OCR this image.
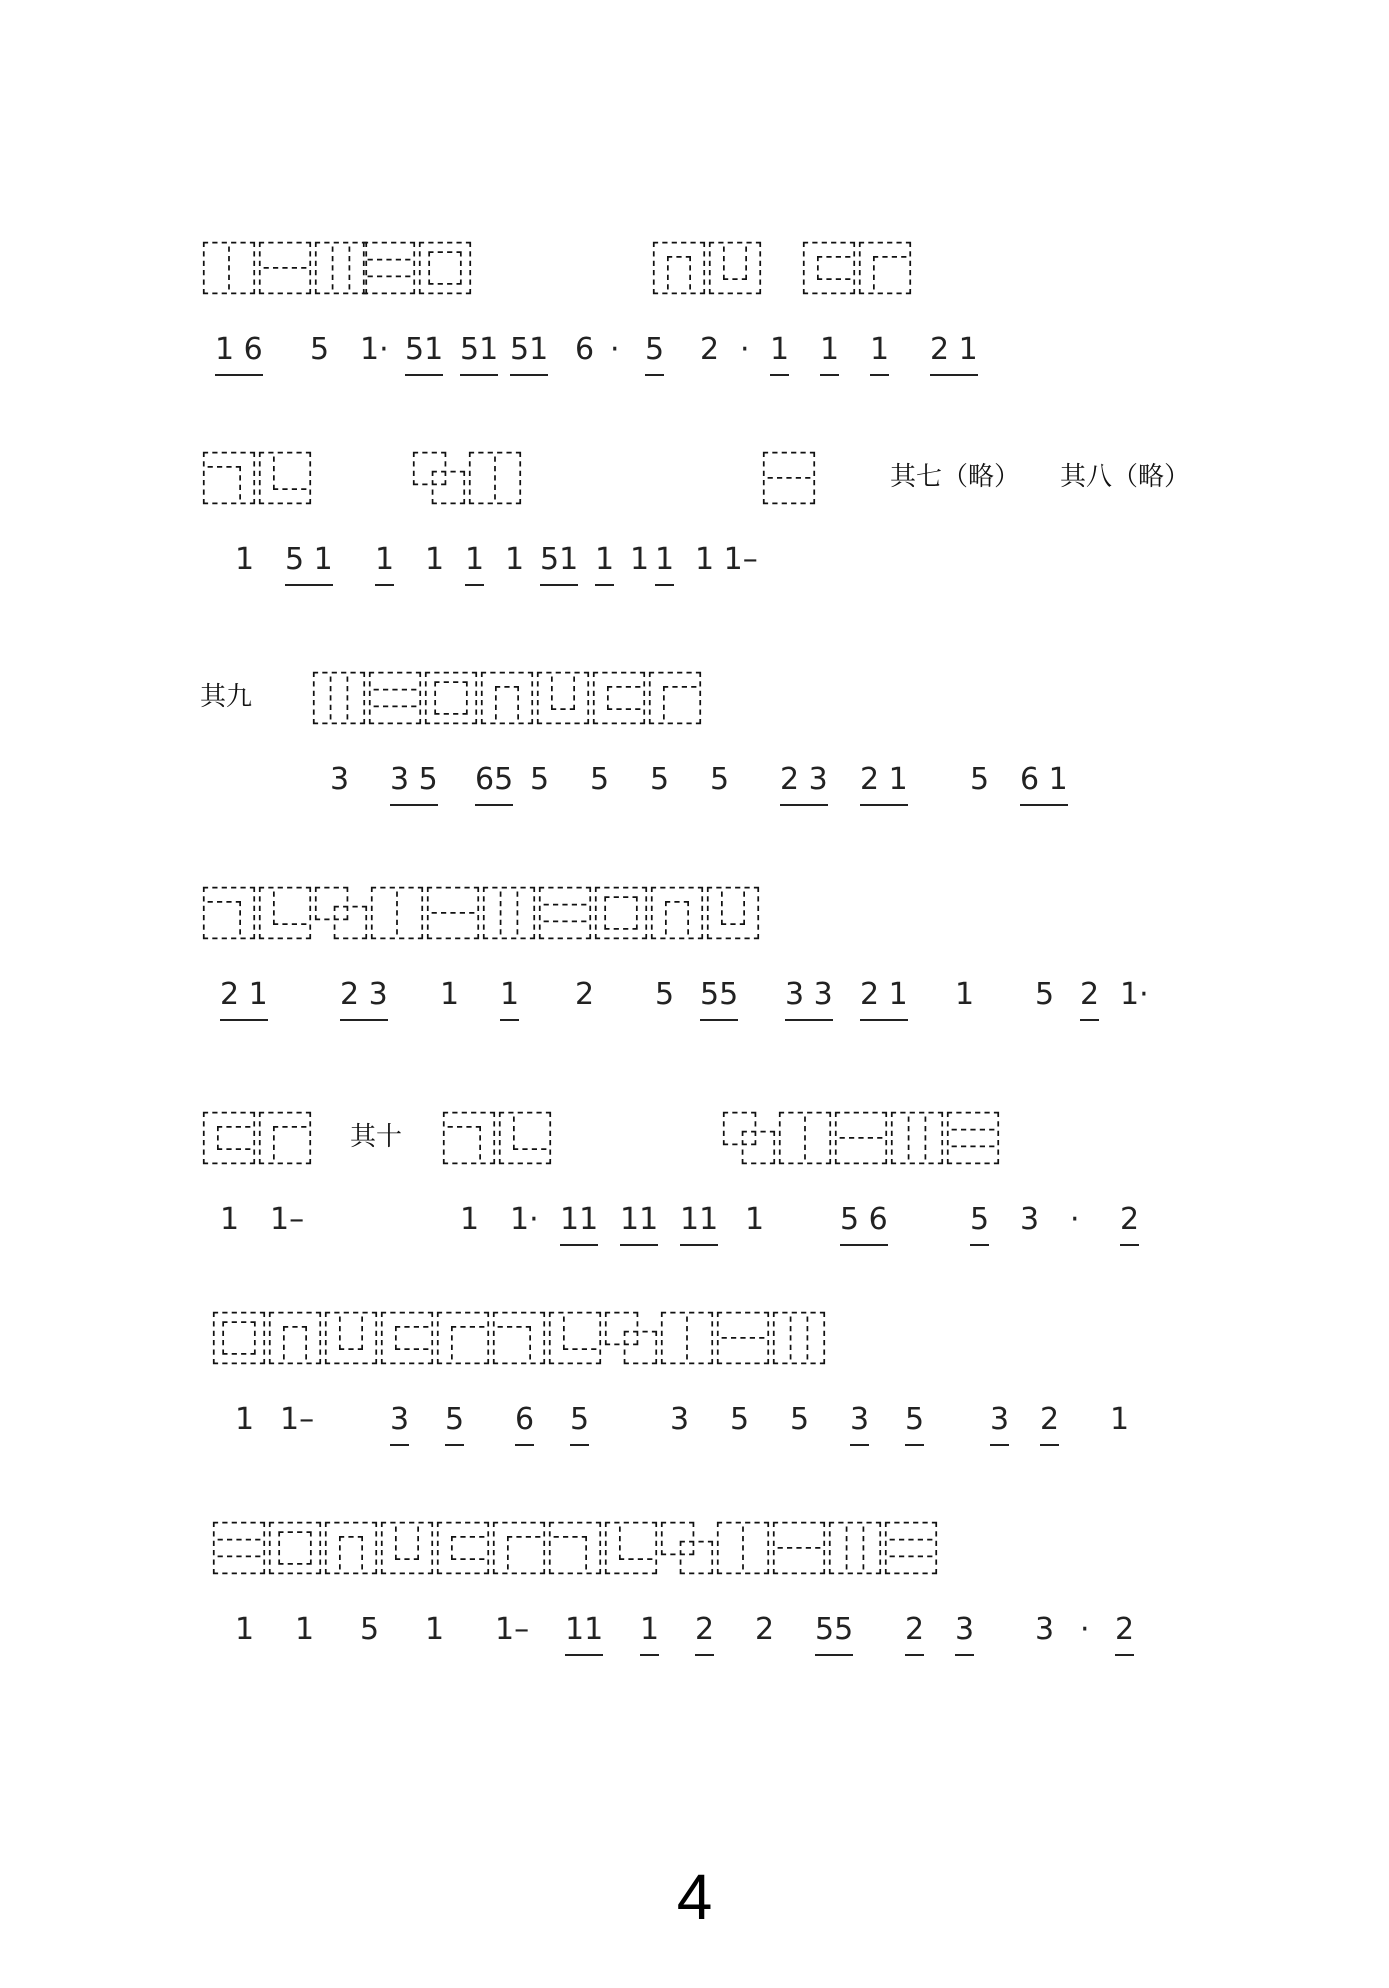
⿰⿱⿲
⿳⿴	⿵⿶ ⿷⿸
1 6 5 1· 51 51 51 6 · 5 2 · 1 1 1 2 1
⿹⿺ ⿻⿰	⿱	其七（略） 其八（略）
1 5 1 1 1 1 1 51 1 1 1 1 1–
其九 ⿲⿳⿴⿵⿶⿷⿸
3 3 5 65 5 5 5 5 2 3 2 1 5 6 1
⿹⿺⿻⿰⿱⿲⿳⿴⿵⿶
2 1 2 3 1 1 2 5 55 3 3 2 1 1 5 2 1·
⿷⿸ 其十 ⿹⿺	⿻⿰⿱⿲⿳
1 1–	1 1· 11 11 11 1	5 6	5 3 · 2
⿴⿵⿶⿷⿸⿹⿺⿻⿰⿱⿲
1 1–	3 5 6 5	3 5 5 3 5 3 2 1
⿳⿴⿵⿶⿷⿸⿹⿺⿻⿰⿱⿲⿳
1 1 5 1 1– 11 1 2 2 55 2 3 3 · 2
4
